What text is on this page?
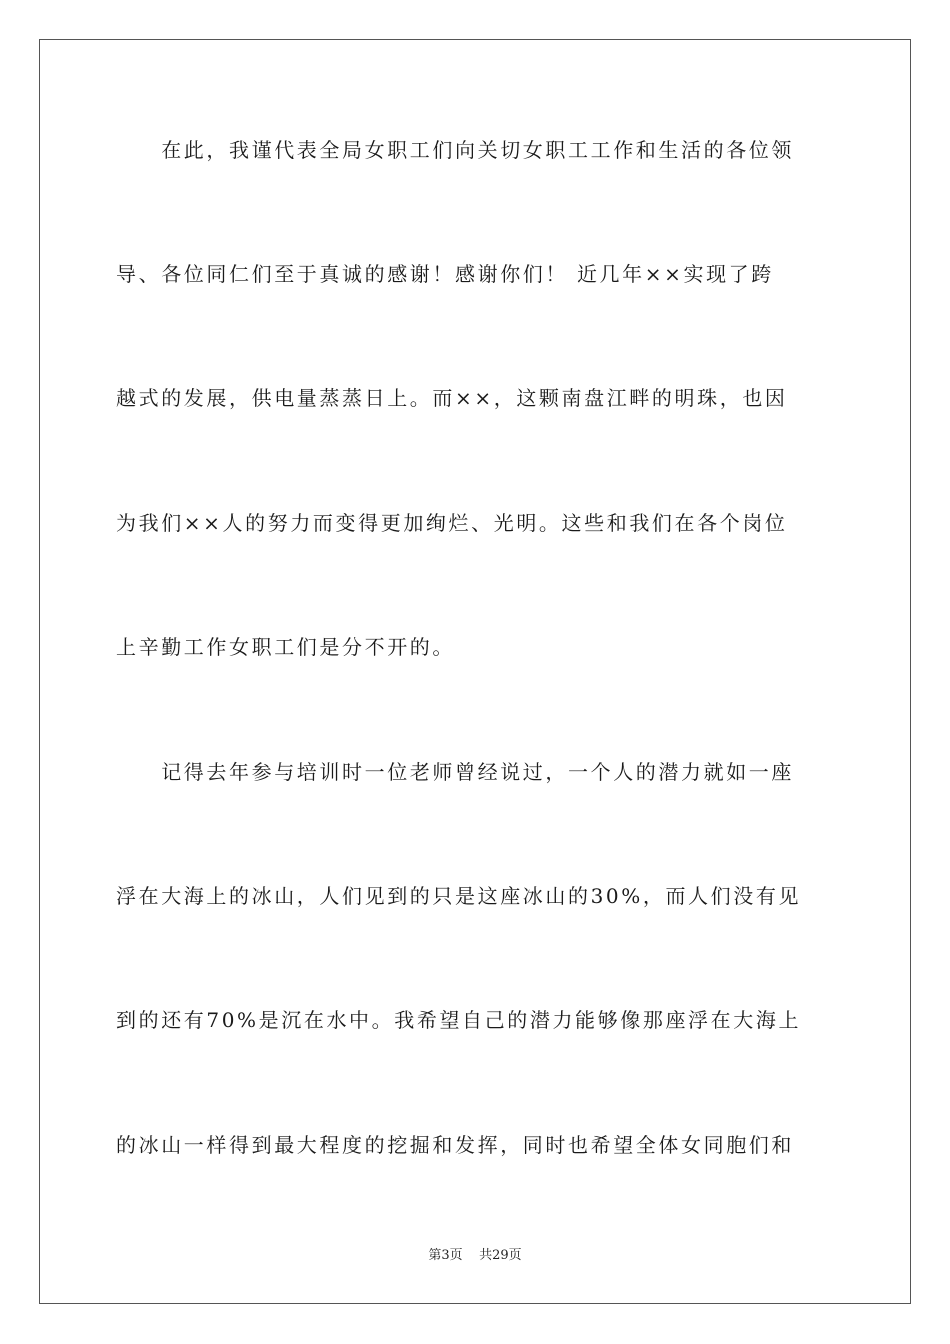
　　在此，我谨代表全局女职工们向关切女职工工作和生活的各位领
导、各位同仁们至于真诚的感谢！感谢你们！ 近几年××实现了跨
越式的发展，供电量蒸蒸日上。而××，这颗南盘江畔的明珠，也因
为我们××人的努力而变得更加绚烂、光明。这些和我们在各个岗位
上辛勤工作女职工们是分不开的。
　　记得去年参与培训时一位老师曾经说过，一个人的潜力就如一座
浮在大海上的冰山，人们见到的只是这座冰山的30%，而人们没有见
到的还有70%是沉在水中。我希望自己的潜力能够像那座浮在大海上
的冰山一样得到最大程度的挖掘和发挥，同时也希望全体女同胞们和
第3页 共29页
